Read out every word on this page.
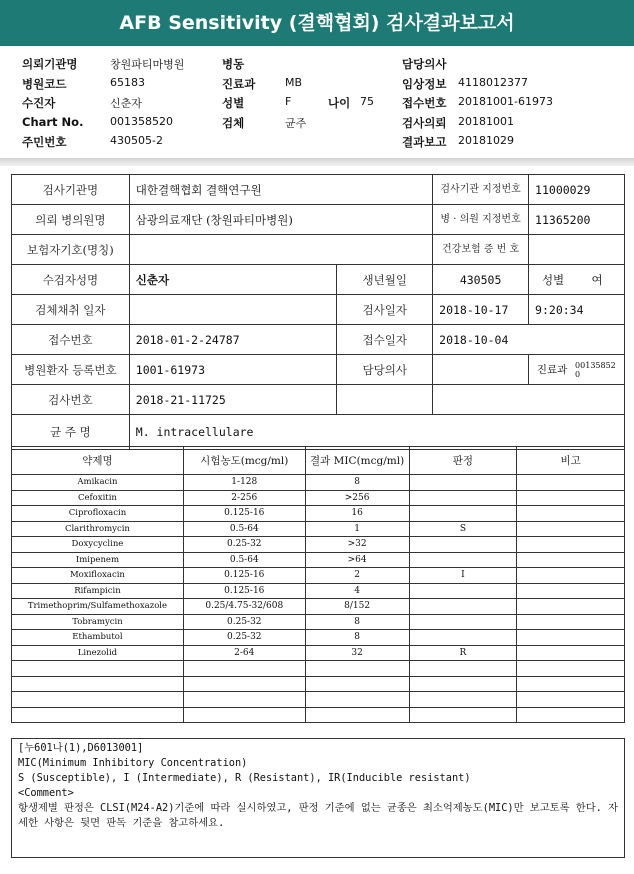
AFB Sensitivity (결핵협회) 검사결과보고서
의뢰기관명	창원파티마병원	병동	담당의사
병원코드	65183	진료과	MB	임상정보 4118012377
수진자	신춘자	성별	F	나이 75 접수번호 20181001-61973
Chart No. 001358520	검체	균주	검사의뢰 20181001
주민번호	430505-2	결과보고 20181029
검사기관명	대한결핵협회 결핵연구원		검사기관 지정번호	11000029
의뢰 병의원명	삼광의료재단 (창원파티마병원)		병 · 의원 지정번호	11365200
보험자기호(명칭)			건강보험 증 번 호	
수검자성명	신춘자	생년월일	430505	성별 여
검체채취 일자		검사일자	2018-10-17	9:20:34
접수번호	2018-01-2-24787	접수일자	2018-10-04	
병원환자 등록번호	1001-61973	담당의사		진료과 001358520
검사번호	2018-21-11725			
균 주 명	M. intracellulare			
약제명	시험농도(mcg/ml)	결과 MIC(mcg/ml)	판정	비고
Amikacin	1-128	8		
Cefoxitin	2-256	>256		
Ciprofloxacin	0.125-16	16		
Clarithromycin	0.5-64	1	S	
Doxycycline	0.25-32	>32		
Imipenem	0.5-64	>64		
Moxifloxacin	0.125-16	2	I	
Rifampicin	0.125-16	4		
Trimethoprim/Sulfamethoxazole	0.25/4.75-32/608	8/152		
Tobramycin	0.25-32	8		
Ethambutol	0.25-32	8		
Linezolid	2-64	32	R	

[누601나(1),D6013001]
MIC(Minimum Inhibitory Concentration)
S (Susceptible), I (Intermediate), R (Resistant), IR(Inducible resistant)
<Comment>
항생제별 판정은 CLSI(M24-A2)기준에 따라 실시하였고, 판정 기준에 없는 균종은 최소억제농도(MIC)만 보고토록 한다. 자세한 사항은 뒷면 판독 기준을 참고하세요.
